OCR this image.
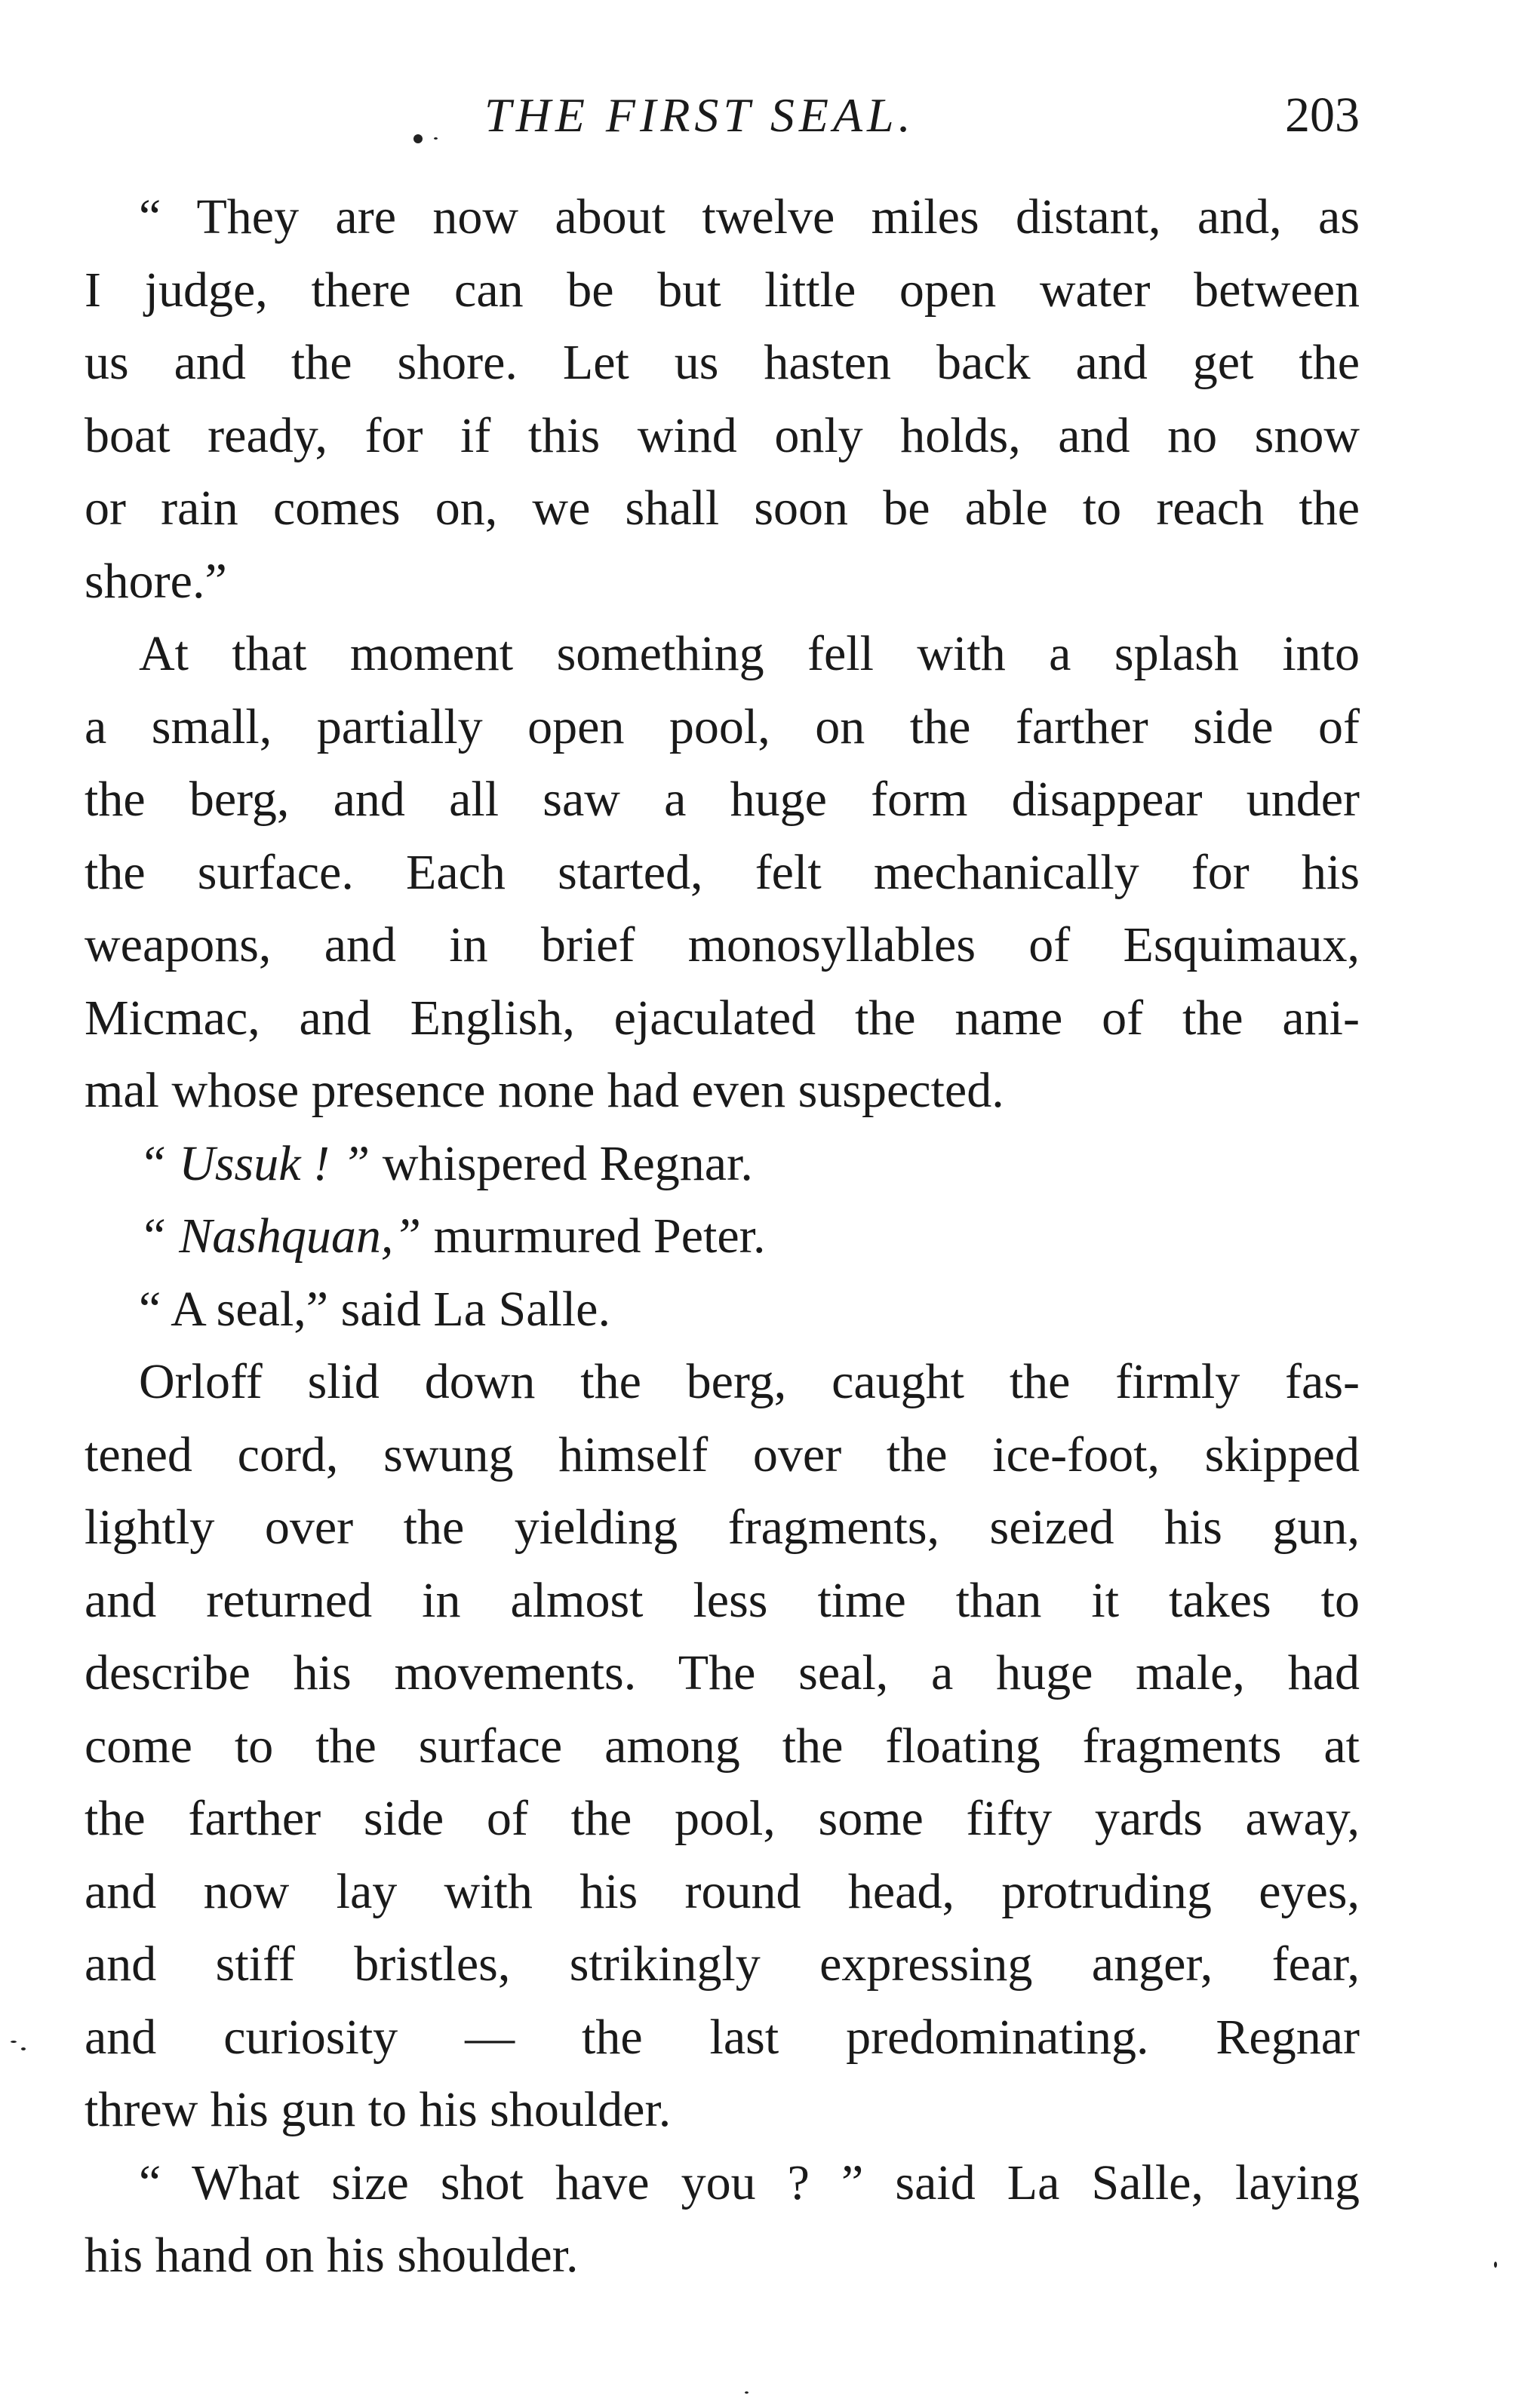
THE FIRST SEAL.	203
“ They are now about twelve miles distant, and, as
I judge, there can be but little open water between
us and the shore. Let us hasten back and get the
boat ready, for if this wind only holds, and no snow
or rain comes on, we shall soon be able to reach the
shore.”
At that moment something fell with a splash into
a small, partially open pool, on the farther side of
the berg, and all saw a huge form disappear under
the surface. Each started, felt mechanically for his
weapons, and in brief monosyllables of Esquimaux,
Micmac, and English, ejaculated the name of the ani-
mal whose presence none had even suspected.
“ Ussuk ! ” whispered Regnar.
“ Nashquan,” murmured Peter.
“ A seal,” said La Salle.
Orloff slid down the berg, caught the firmly fas-
tened cord, swung himself over the ice-foot, skipped
lightly over the yielding fragments, seized his gun,
and returned in almost less time than it takes to
describe his movements. The seal, a huge male, had
come to the surface among the floating fragments at
the farther side of the pool, some fifty yards away,
and now lay with his round head, protruding eyes,
and stiff bristles, strikingly expressing anger, fear,
and curiosity — the last predominating. Regnar
threw his gun to his shoulder.
“ What size shot have you ? ” said La Salle, laying
his hand on his shoulder.
